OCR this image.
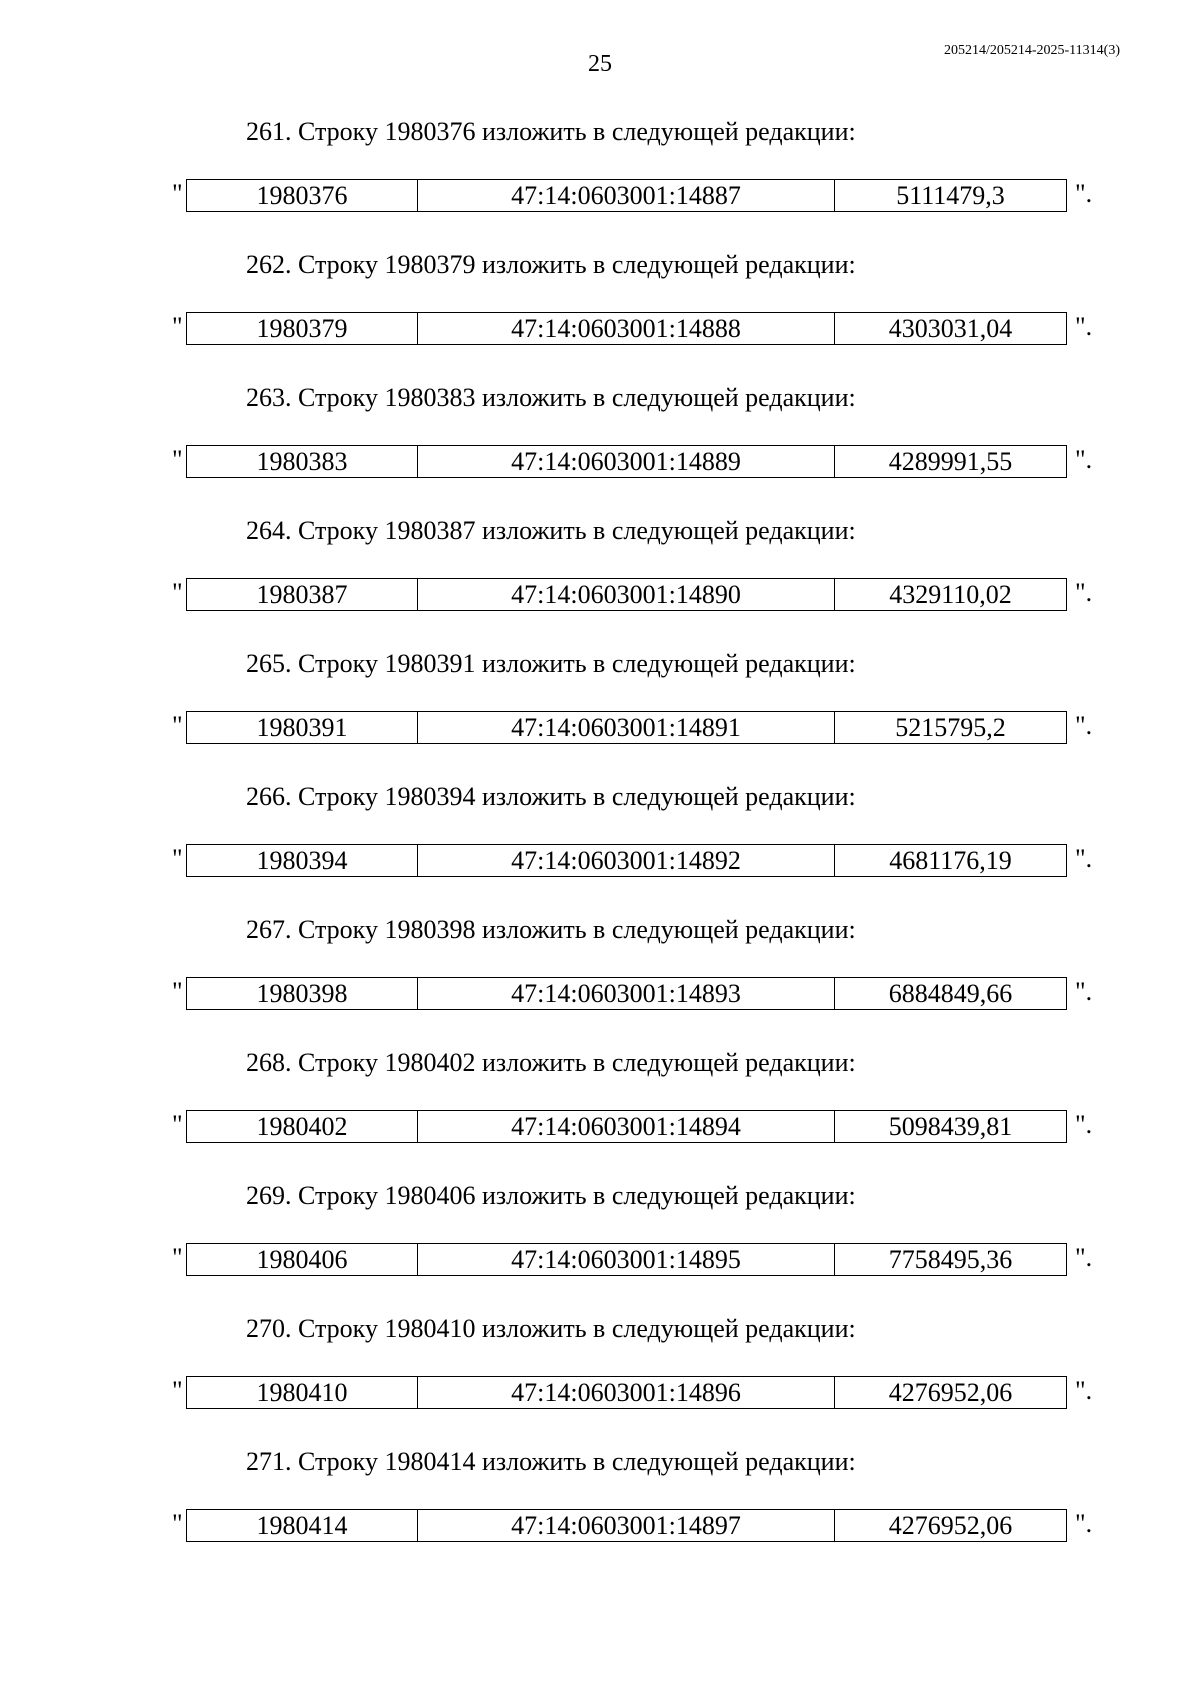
25
205214/205214-2025-11314(3)
261. Строку 1980376 изложить в следующей редакции:
"	1980376	47:14:0603001:14887	5111479,3	".
262. Строку 1980379 изложить в следующей редакции:
"	1980379	47:14:0603001:14888	4303031,04 ".
263. Строку 1980383 изложить в следующей редакции:
"	1980383	47:14:0603001:14889	4289991,55 ".
264. Строку 1980387 изложить в следующей редакции:
"	1980387	47:14:0603001:14890	4329110,02 ".
265. Строку 1980391 изложить в следующей редакции:
"	1980391	47:14:0603001:14891	5215795,2	".
266. Строку 1980394 изложить в следующей редакции:
"	1980394	47:14:0603001:14892	4681176,19 ".
267. Строку 1980398 изложить в следующей редакции:
"	1980398	47:14:0603001:14893	6884849,66 ".
268. Строку 1980402 изложить в следующей редакции:
"	1980402	47:14:0603001:14894	5098439,81 ".
269. Строку 1980406 изложить в следующей редакции:
"	1980406	47:14:0603001:14895	7758495,36 ".
270. Строку 1980410 изложить в следующей редакции:
"	1980410	47:14:0603001:14896	4276952,06 ".
271. Строку 1980414 изложить в следующей редакции:
"	1980414	47:14:0603001:14897	4276952,06 ".
